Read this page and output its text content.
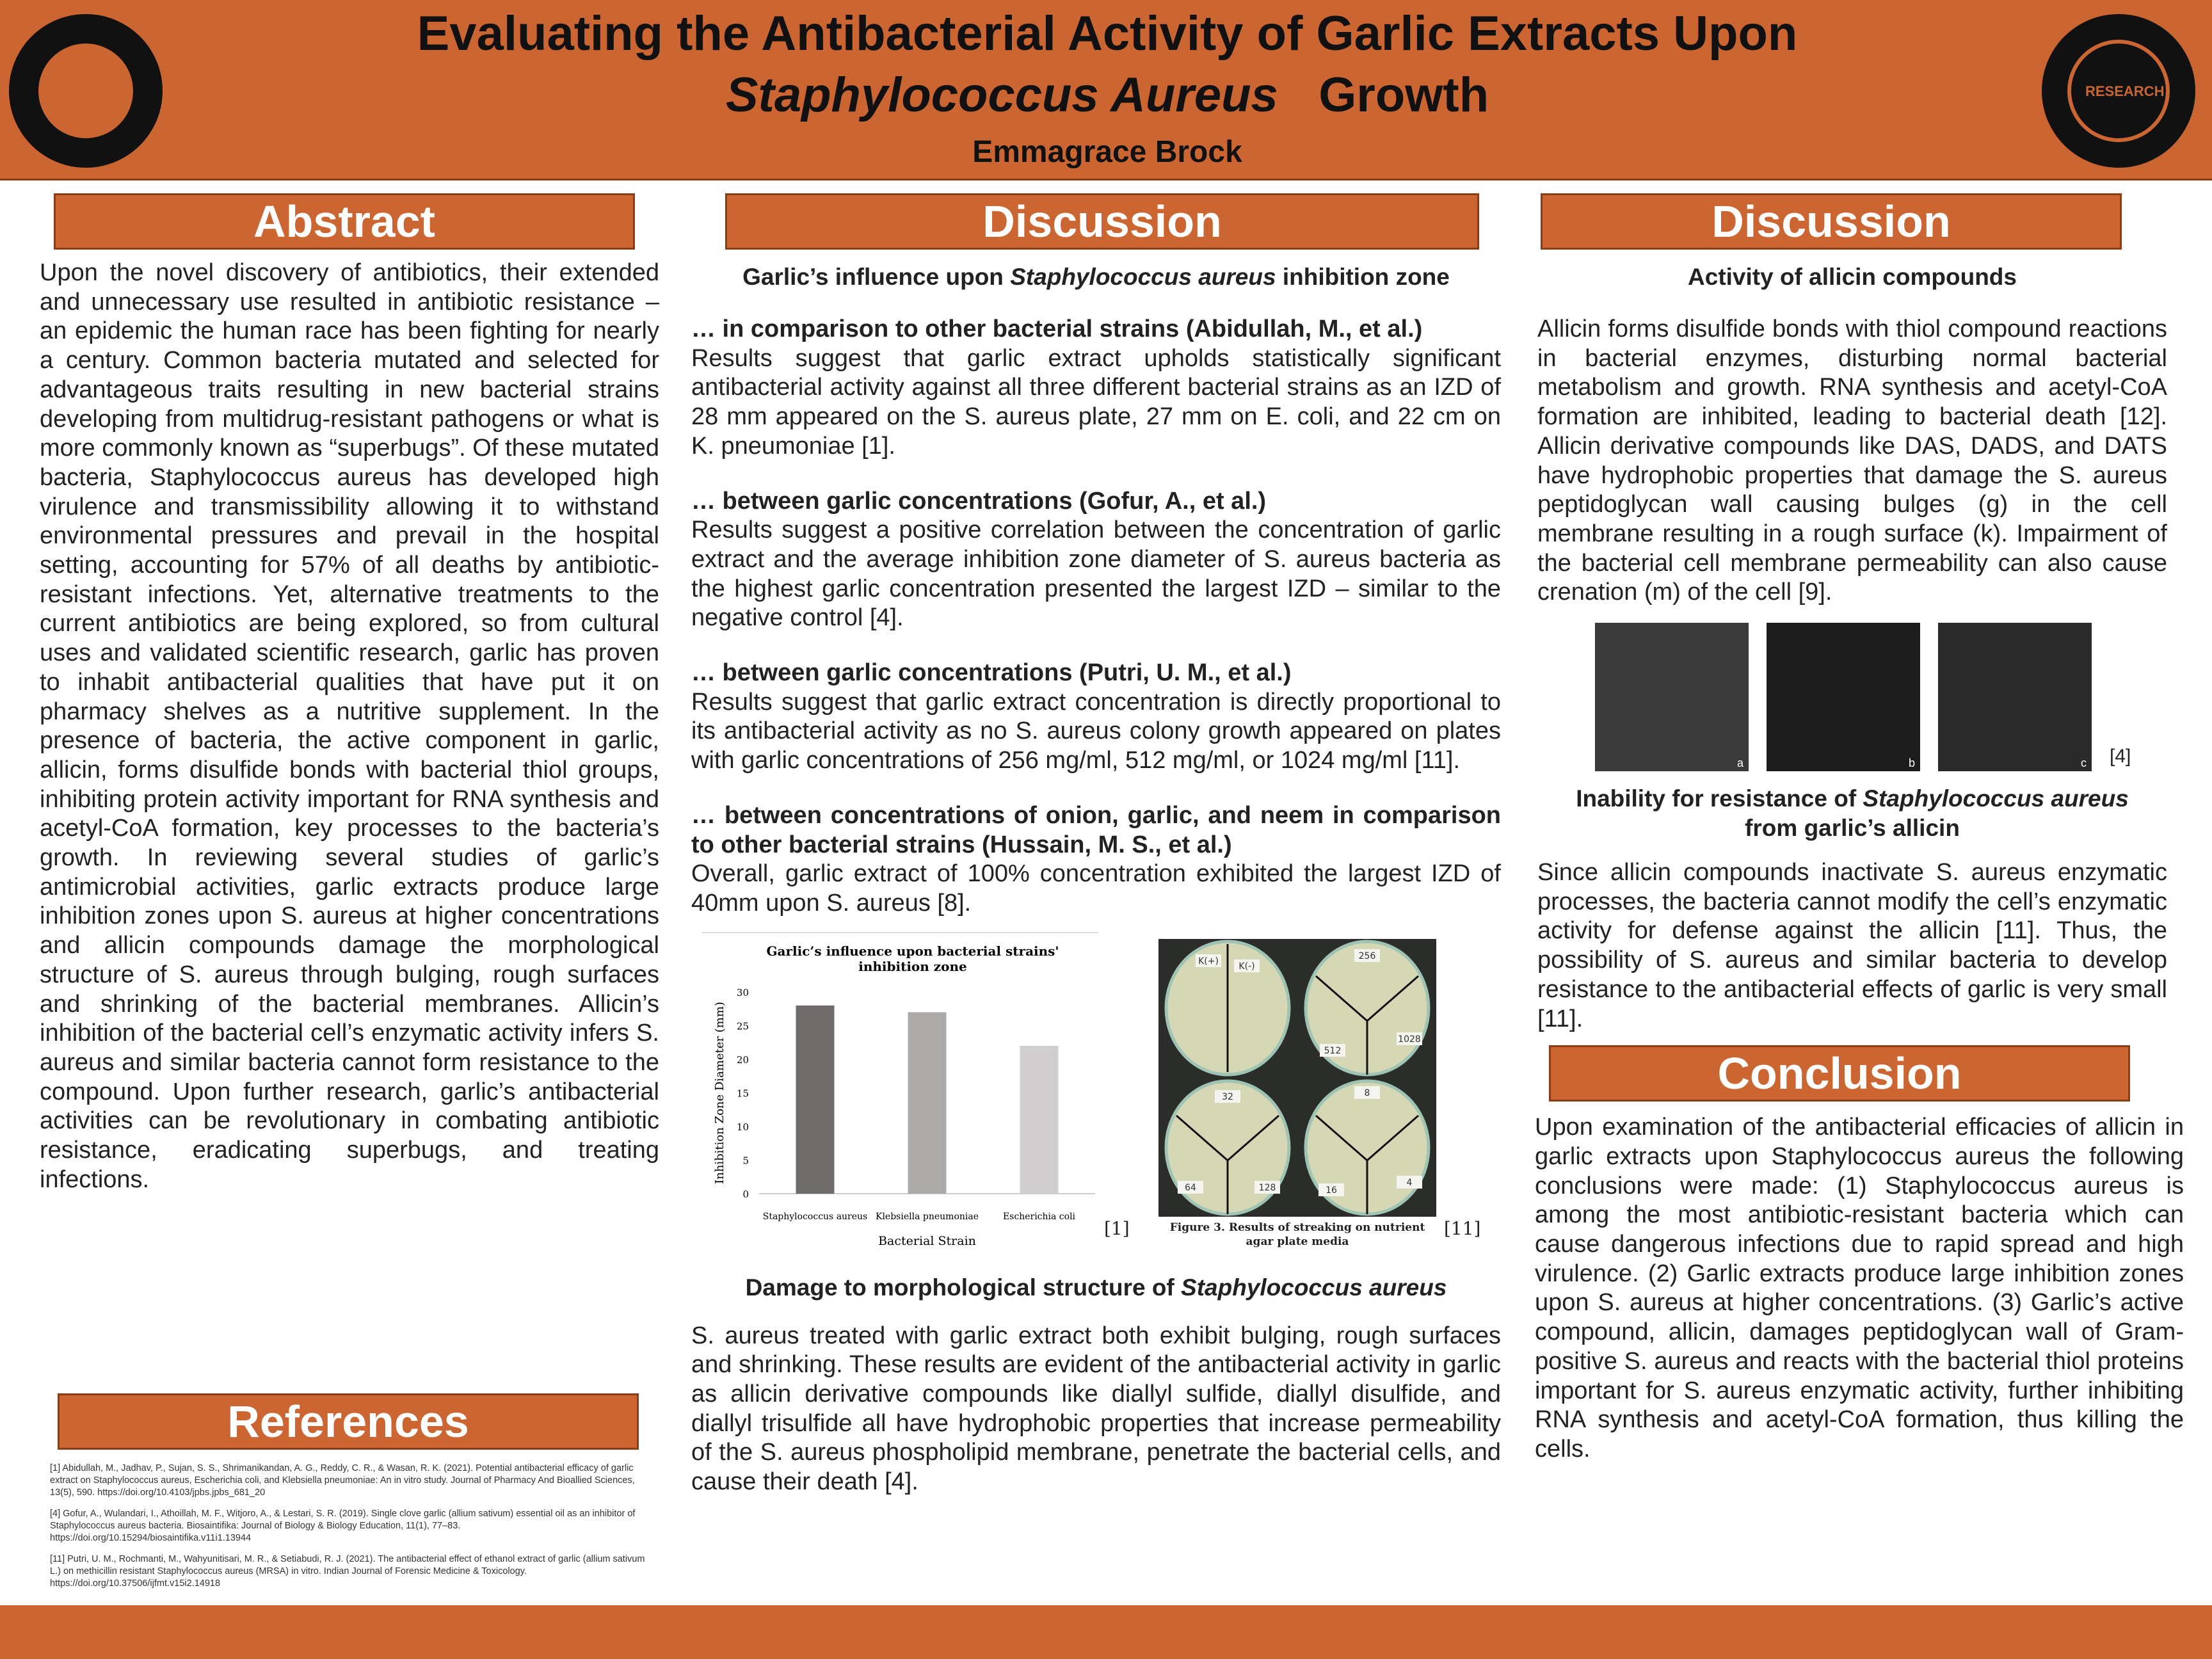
Evaluating the Antibacterial Activity of Garlic Extracts Upon
Staphylococcus Aureus Growth
Emmagrace Brock
RESEARCH
Abstract
Upon the novel discovery of antibiotics, their extended and unnecessary use resulted in antibiotic resistance – an epidemic the human race has been fighting for nearly a century. Common bacteria mutated and selected for advantageous traits resulting in new bacterial strains developing from multidrug-resistant pathogens or what is more commonly known as “superbugs”. Of these mutated bacteria, Staphylococcus aureus has developed high virulence and transmissibility allowing it to withstand environmental pressures and prevail in the hospital setting, accounting for 57% of all deaths by antibiotic-resistant infections. Yet, alternative treatments to the current antibiotics are being explored, so from cultural uses and validated scientific research, garlic has proven to inhabit antibacterial qualities that have put it on pharmacy shelves as a nutritive supplement. In the presence of bacteria, the active component in garlic, allicin, forms disulfide bonds with bacterial thiol groups, inhibiting protein activity important for RNA synthesis and acetyl-CoA formation, key processes to the bacteria’s growth. In reviewing several studies of garlic’s antimicrobial activities, garlic extracts produce large inhibition zones upon S. aureus at higher concentrations and allicin compounds damage the morphological structure of S. aureus through bulging, rough surfaces and shrinking of the bacterial membranes. Allicin’s inhibition of the bacterial cell’s enzymatic activity infers S. aureus and similar bacteria cannot form resistance to the compound. Upon further research, garlic’s antibacterial activities can be revolutionary in combating antibiotic resistance, eradicating superbugs, and treating infections.
References
[1] Abidullah, M., Jadhav, P., Sujan, S. S., Shrimanikandan, A. G., Reddy, C. R., & Wasan, R. K. (2021). Potential antibacterial efficacy of garlic extract on Staphylococcus aureus, Escherichia coli, and Klebsiella pneumoniae: An in vitro study. Journal of Pharmacy And Bioallied Sciences, 13(5), 590. https://doi.org/10.4103/jpbs.jpbs_681_20
[4] Gofur, A., Wulandari, I., Athoillah, M. F., Witjoro, A., & Lestari, S. R. (2019). Single clove garlic (allium sativum) essential oil as an inhibitor of Staphylococcus aureus bacteria. Biosaintifika: Journal of Biology & Biology Education, 11(1), 77–83. https://doi.org/10.15294/biosaintifika.v11i1.13944
[11] Putri, U. M., Rochmanti, M., Wahyunitisari, M. R., & Setiabudi, R. J. (2021). The antibacterial effect of ethanol extract of garlic (allium sativum L.) on methicillin resistant Staphylococcus aureus (MRSA) in vitro. Indian Journal of Forensic Medicine & Toxicology. https://doi.org/10.37506/ijfmt.v15i2.14918
Discussion
Garlic’s influence upon Staphylococcus aureus inhibition zone
… in comparison to other bacterial strains (Abidullah, M., et al.)
Results suggest that garlic extract upholds statistically significant antibacterial activity against all three different bacterial strains as an IZD of 28 mm appeared on the S. aureus plate, 27 mm on E. coli, and 22 cm on K. pneumoniae [1].
… between garlic concentrations (Gofur, A., et al.)
Results suggest a positive correlation between the concentration of garlic extract and the average inhibition zone diameter of S. aureus bacteria as the highest garlic concentration presented the largest IZD – similar to the negative control [4].
… between garlic concentrations (Putri, U. M., et al.)
Results suggest that garlic extract concentration is directly proportional to its antibacterial activity as no S. aureus colony growth appeared on plates with garlic concentrations of 256 mg/ml, 512 mg/ml, or 1024 mg/ml [11].
… between concentrations of onion, garlic, and neem in comparison to other bacterial strains (Hussain, M. S., et al.)
Overall, garlic extract of 100% concentration exhibited the largest IZD of 40mm upon S. aureus [8].
Garlic’s influence upon bacterial strains'
inhibition zone
0
5
10
15
20
25
30
Staphylococcus aureus Klebsiella pneumoniae	Escherichia coli
Bacterial Strain
Inhibition Zone Diameter (mm)
[1]
K(+) K(-)
256
512
1028
32
64	128
8
16
4
Figure 3. Results of streaking on nutrient agar plate media
[11]
Damage to morphological structure of Staphylococcus aureus
S. aureus treated with garlic extract both exhibit bulging, rough surfaces and shrinking. These results are evident of the antibacterial activity in garlic as allicin derivative compounds like diallyl sulfide, diallyl disulfide, and diallyl trisulfide all have hydrophobic properties that increase permeability of the S. aureus phospholipid membrane, penetrate the bacterial cells, and cause their death [4].
Discussion
Activity of allicin compounds
Allicin forms disulfide bonds with thiol compound reactions in bacterial enzymes, disturbing normal bacterial metabolism and growth. RNA synthesis and acetyl-CoA formation are inhibited, leading to bacterial death [12]. Allicin derivative compounds like DAS, DADS, and DATS have hydrophobic properties that damage the S. aureus peptidoglycan wall causing bulges (g) in the cell membrane resulting in a rough surface (k). Impairment of the bacterial cell membrane permeability can also cause crenation (m) of the cell [9].
a	b	c [4]
Inability for resistance of Staphylococcus aureus
from garlic’s allicin
Since allicin compounds inactivate S. aureus enzymatic processes, the bacteria cannot modify the cell’s enzymatic activity for defense against the allicin [11]. Thus, the possibility of S. aureus and similar bacteria to develop resistance to the antibacterial effects of garlic is very small [11].
Conclusion
Upon examination of the antibacterial efficacies of allicin in garlic extracts upon Staphylococcus aureus the following conclusions were made: (1) Staphylococcus aureus is among the most antibiotic-resistant bacteria which can cause dangerous infections due to rapid spread and high virulence. (2) Garlic extracts produce large inhibition zones upon S. aureus at higher concentrations. (3) Garlic’s active compound, allicin, damages peptidoglycan wall of Gram-positive S. aureus and reacts with the bacterial thiol proteins important for S. aureus enzymatic activity, further inhibiting RNA synthesis and acetyl-CoA formation, thus killing the cells.
